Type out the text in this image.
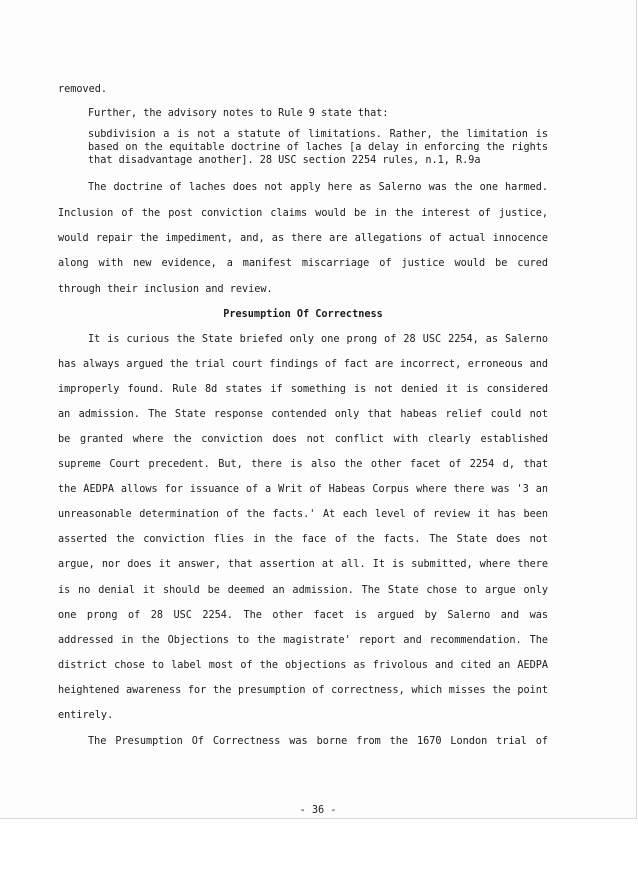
removed.

Further, the advisory notes to Rule 9 state that:

subdivision a is not a statute of limitations. Rather, the limitation is

based on the equitable doctrine of laches [a delay in enforcing the rights

that disadvantage another]. 28 USC section 2254 rules, n.1, R.9a

The doctrine of laches does not apply here as Salerno was the one harmed.

Inclusion of the post conviction claims would be in the interest of justice,

would repair the impediment, and, as there are allegations of actual innocence

along with new evidence, a manifest miscarriage of justice would be cured

through their inclusion and review.

Presumption Of Correctness

It is curious the State briefed only one prong of 28 USC 2254, as Salerno

has always argued the trial court findings of fact are incorrect, erroneous and

improperly found. Rule 8d states if something is not denied it is considered

an admission. The State response contended only that habeas relief could not

be granted where the conviction does not conflict with clearly established

supreme Court precedent. But, there is also the other facet of 2254 d, that

the AEDPA allows for issuance of a Writ of Habeas Corpus where there was '3 an

unreasonable determination of the facts.' At each level of review it has been

asserted the conviction flies in the face of the facts. The State does not

argue, nor does it answer, that assertion at all. It is submitted, where there

is no denial it should be deemed an admission. The State chose to argue only

one prong of 28 USC 2254. The other facet is argued by Salerno and was

addressed in the Objections to the magistrate' report and recommendation. The

district chose to label most of the objections as frivolous and cited an AEDPA

heightened awareness for the presumption of correctness, which misses the point

entirely.

The Presumption Of Correctness was borne from the 1670 London trial of

- 36 -
